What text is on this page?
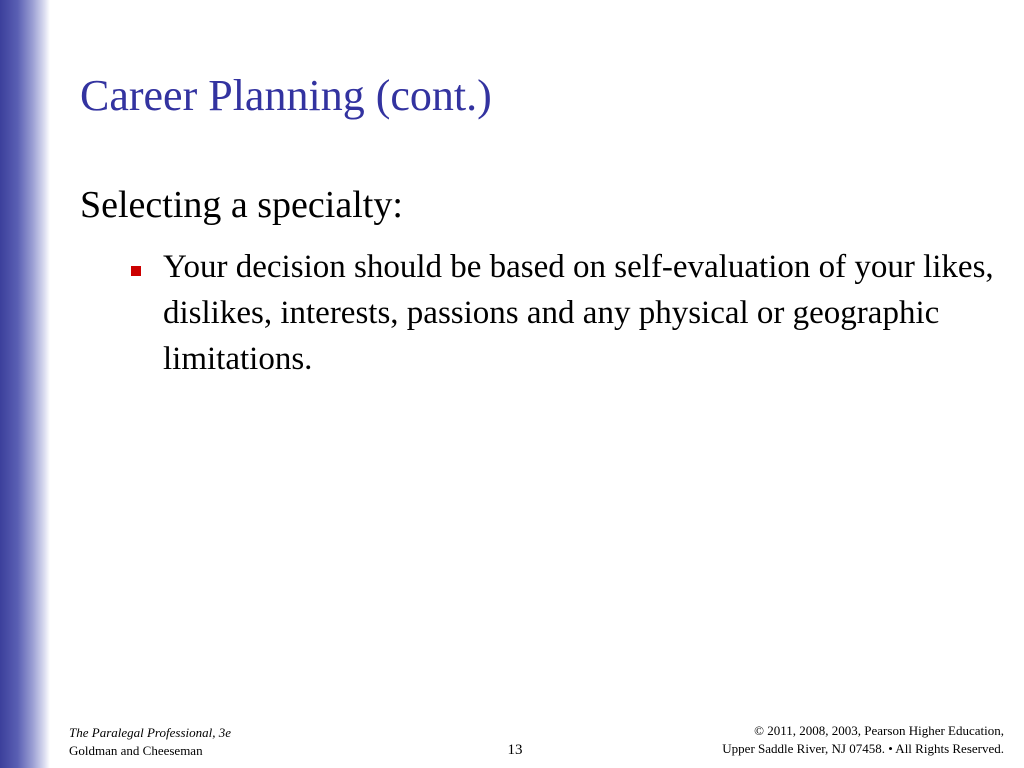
Career Planning (cont.)

Selecting a specialty:

Your decision should be based on self-evaluation of your likes, dislikes, interests, passions and any physical or geographic limitations.

The Paralegal Professional, 3e
Goldman and Cheeseman	13
© 2011, 2008, 2003, Pearson Higher Education,
Upper Saddle River, NJ 07458. • All Rights Reserved.
